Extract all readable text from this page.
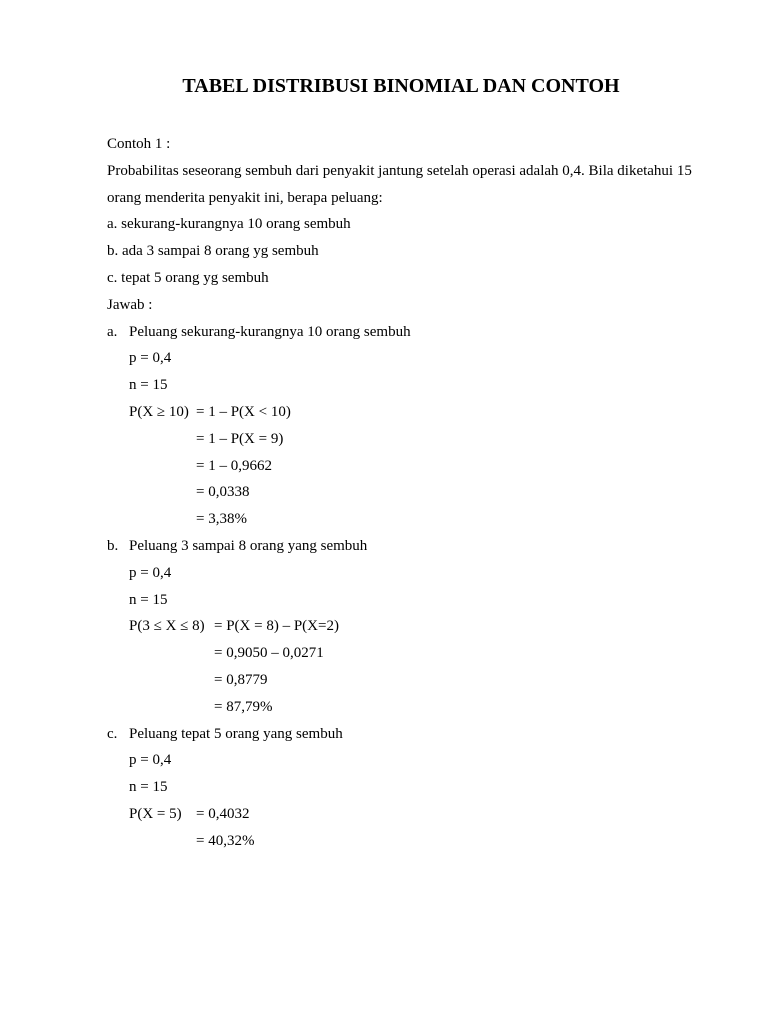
TABEL DISTRIBUSI BINOMIAL DAN CONTOH
Contoh 1 :
Probabilitas seseorang sembuh dari penyakit jantung setelah operasi adalah 0,4. Bila diketahui 15 orang menderita penyakit ini, berapa peluang:
a. sekurang-kurangnya 10 orang sembuh
b. ada 3 sampai 8 orang yg sembuh
c. tepat 5 orang yg sembuh
Jawab :
a. Peluang sekurang-kurangnya 10 orang sembuh
p = 0,4
n = 15
P(X ≥ 10) = 1 – P(X < 10)
= 1 – P(X = 9)
= 1 – 0,9662
= 0,0338
= 3,38%
b. Peluang 3 sampai 8 orang yang sembuh
p = 0,4
n = 15
P(3 ≤ X ≤ 8) = P(X = 8) – P(X=2)
= 0,9050 – 0,0271
= 0,8779
= 87,79%
c. Peluang tepat 5 orang yang sembuh
p = 0,4
n = 15
P(X = 5) = 0,4032
= 40,32%
